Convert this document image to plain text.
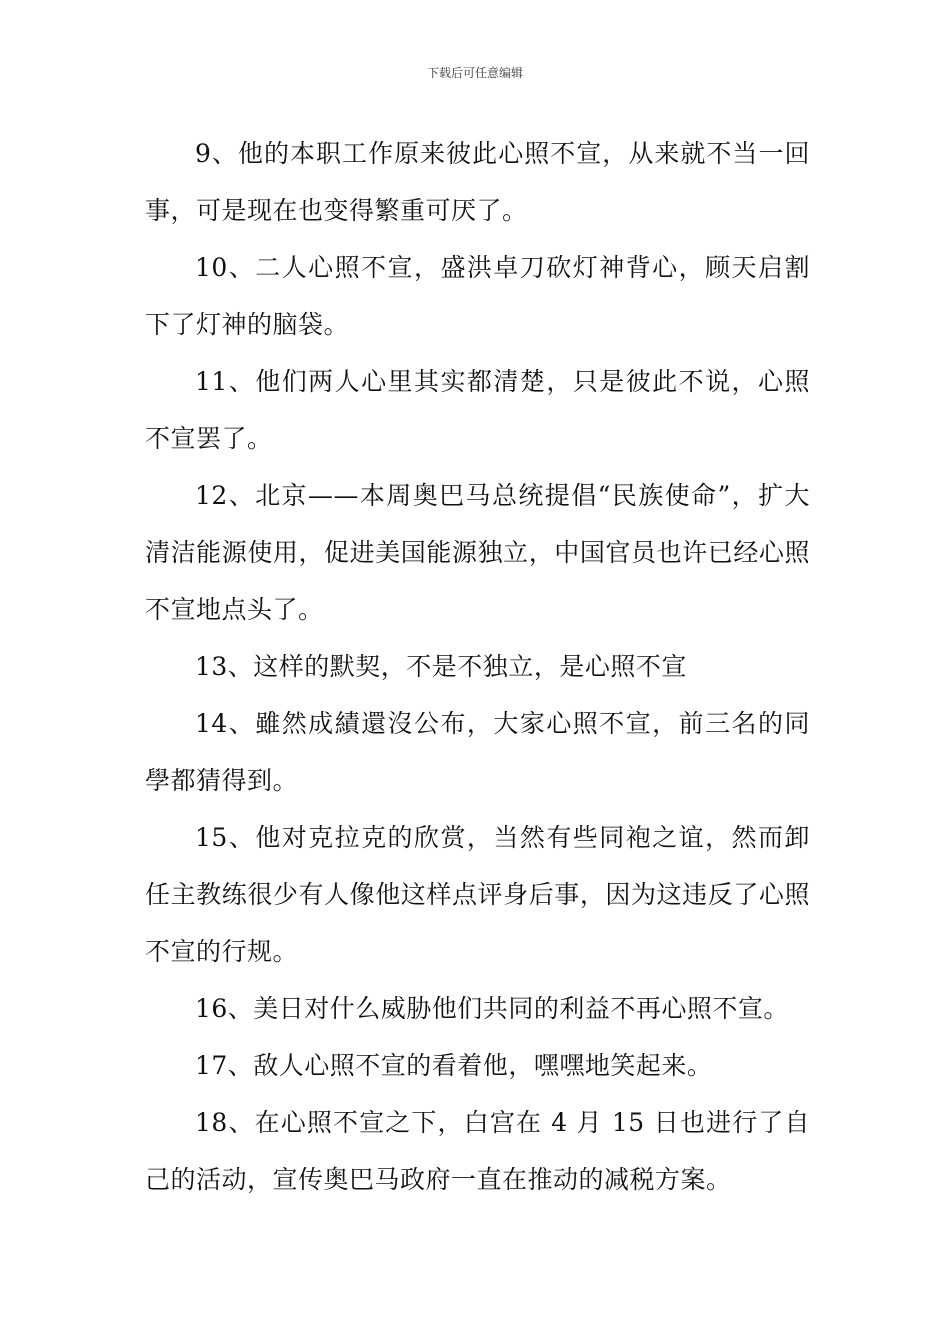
下载后可任意编辑

9、他的本职工作原来彼此心照不宣，从来就不当一回事，可是现在也变得繁重可厌了。

10、二人心照不宣，盛洪卓刀砍灯神背心，顾天启割下了灯神的脑袋。

11、他们两人心里其实都清楚，只是彼此不说，心照不宣罢了。

12、北京——本周奥巴马总统提倡“民族使命”，扩大清洁能源使用，促进美国能源独立，中国官员也许已经心照不宣地点头了。

13、这样的默契，不是不独立，是心照不宣

14、雖然成績還沒公布，大家心照不宣，前三名的同學都猜得到。

15、他对克拉克的欣赏，当然有些同袍之谊，然而卸任主教练很少有人像他这样点评身后事，因为这违反了心照不宣的行规。

16、美日对什么威胁他们共同的利益不再心照不宣。

17、敌人心照不宣的看着他，嘿嘿地笑起来。

18、在心照不宣之下，白宫在 4 月 15 日也进行了自己的活动，宣传奥巴马政府一直在推动的减税方案。
